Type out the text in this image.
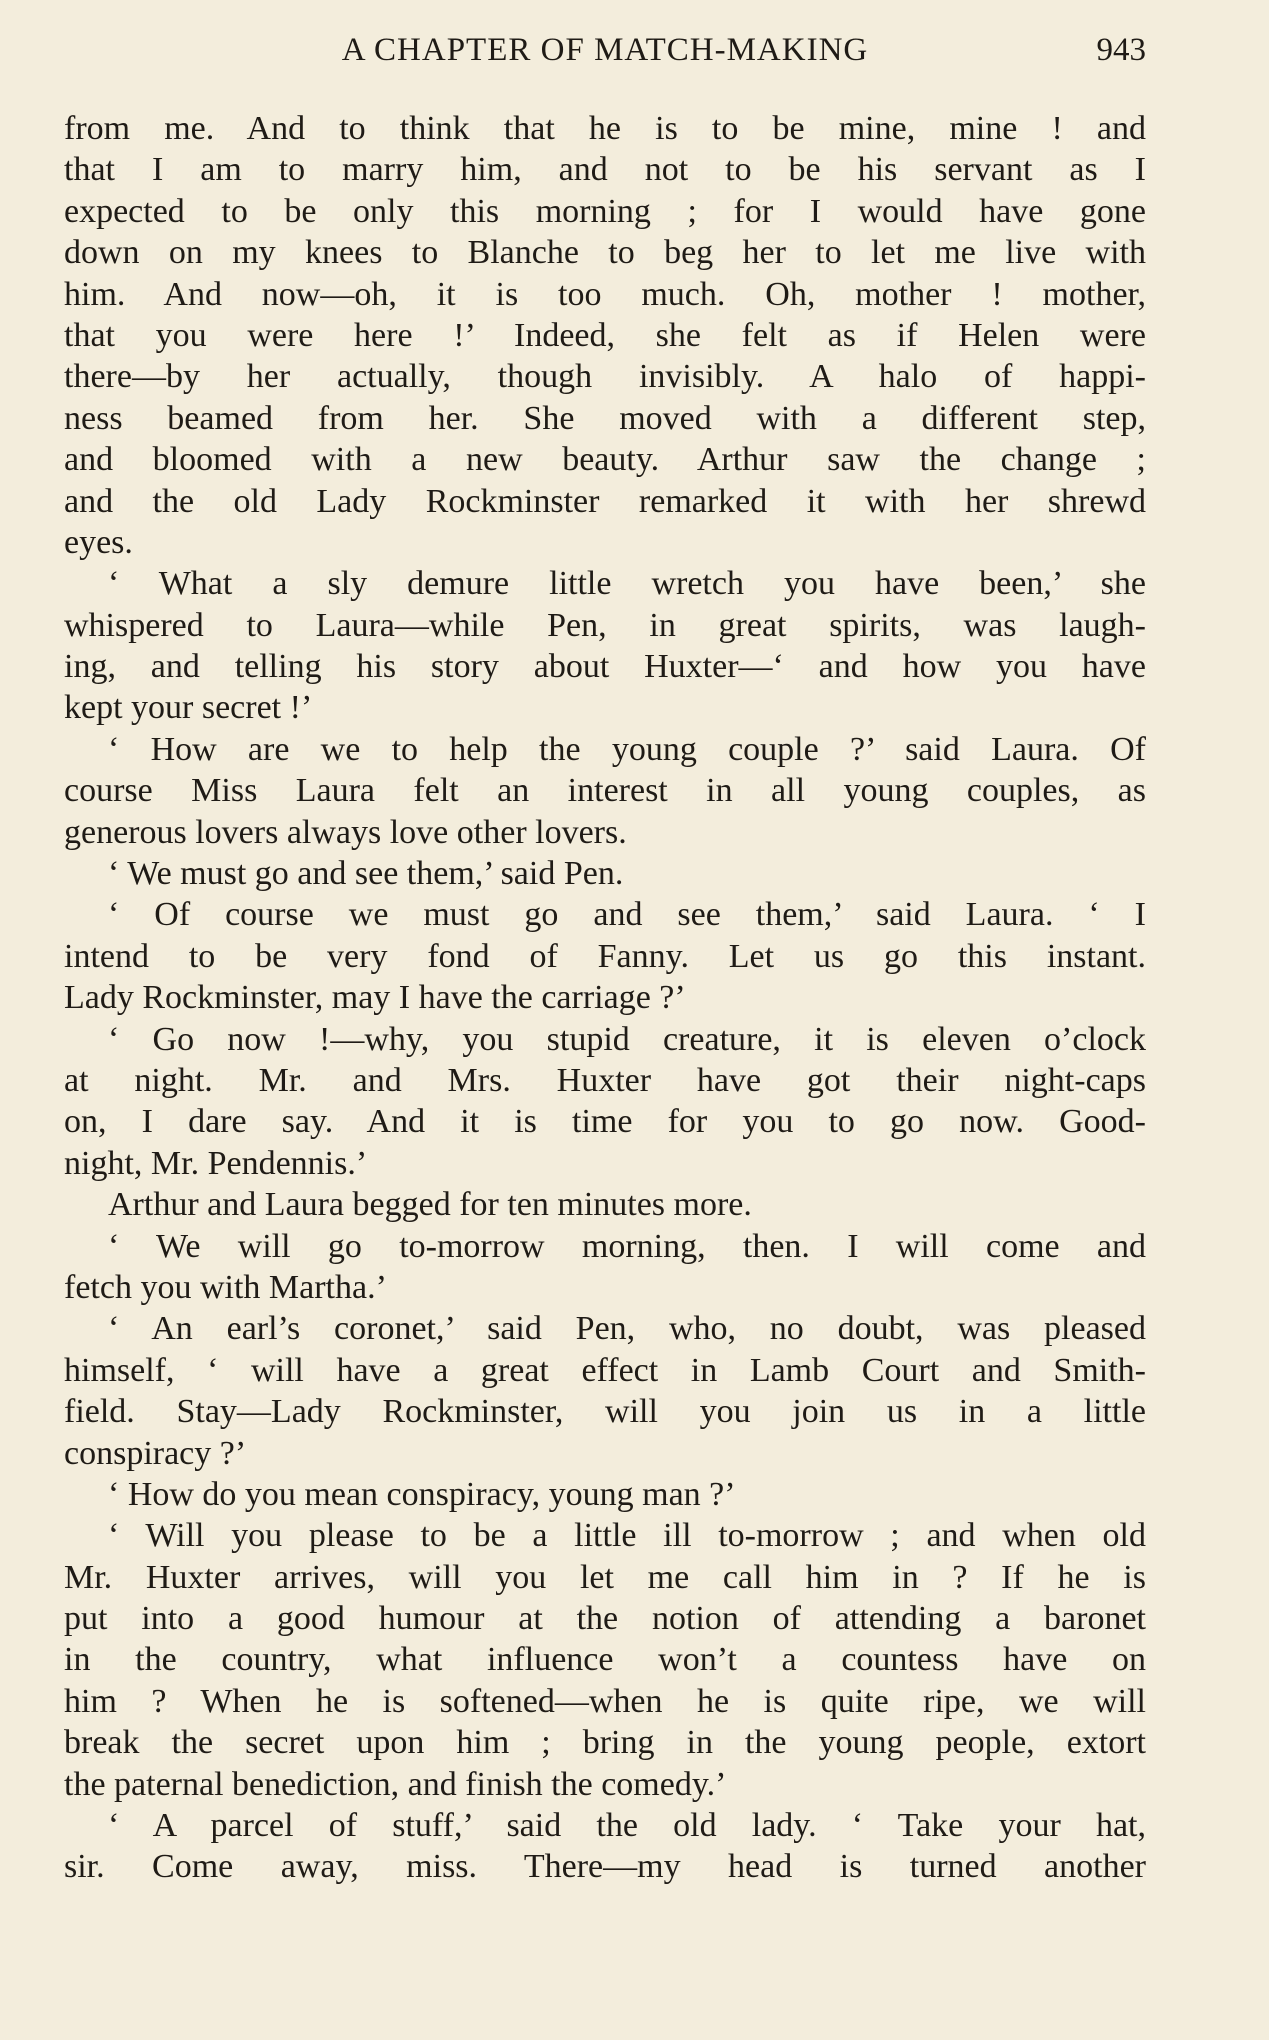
A CHAPTER OF MATCH-MAKING	943
from me. And to think that he is to be mine, mine ! and
that I am to marry him, and not to be his servant as I
expected to be only this morning ; for I would have gone
down on my knees to Blanche to beg her to let me live with
him. And now—oh, it is too much. Oh, mother ! mother,
that you were here !’ Indeed, she felt as if Helen were
there—by her actually, though invisibly. A halo of happi-
ness beamed from her. She moved with a different step,
and bloomed with a new beauty. Arthur saw the change ;
and the old Lady Rockminster remarked it with her shrewd
eyes.
‘ What a sly demure little wretch you have been,’ she
whispered to Laura—while Pen, in great spirits, was laugh-
ing, and telling his story about Huxter—‘ and how you have
kept your secret !’
‘ How are we to help the young couple ?’ said Laura. Of
course Miss Laura felt an interest in all young couples, as
generous lovers always love other lovers.
‘ We must go and see them,’ said Pen.
‘ Of course we must go and see them,’ said Laura. ‘ I
intend to be very fond of Fanny. Let us go this instant.
Lady Rockminster, may I have the carriage ?’
‘ Go now !—why, you stupid creature, it is eleven o’clock
at night. Mr. and Mrs. Huxter have got their night-caps
on, I dare say. And it is time for you to go now. Good-
night, Mr. Pendennis.’
Arthur and Laura begged for ten minutes more.
‘ We will go to-morrow morning, then. I will come and
fetch you with Martha.’
‘ An earl’s coronet,’ said Pen, who, no doubt, was pleased
himself, ‘ will have a great effect in Lamb Court and Smith-
field. Stay—Lady Rockminster, will you join us in a little
conspiracy ?’
‘ How do you mean conspiracy, young man ?’
‘ Will you please to be a little ill to-morrow ; and when old
Mr. Huxter arrives, will you let me call him in ? If he is
put into a good humour at the notion of attending a baronet
in the country, what influence won’t a countess have on
him ? When he is softened—when he is quite ripe, we will
break the secret upon him ; bring in the young people, extort
the paternal benediction, and finish the comedy.’
‘ A parcel of stuff,’ said the old lady. ‘ Take your hat,
sir. Come away, miss. There—my head is turned another
